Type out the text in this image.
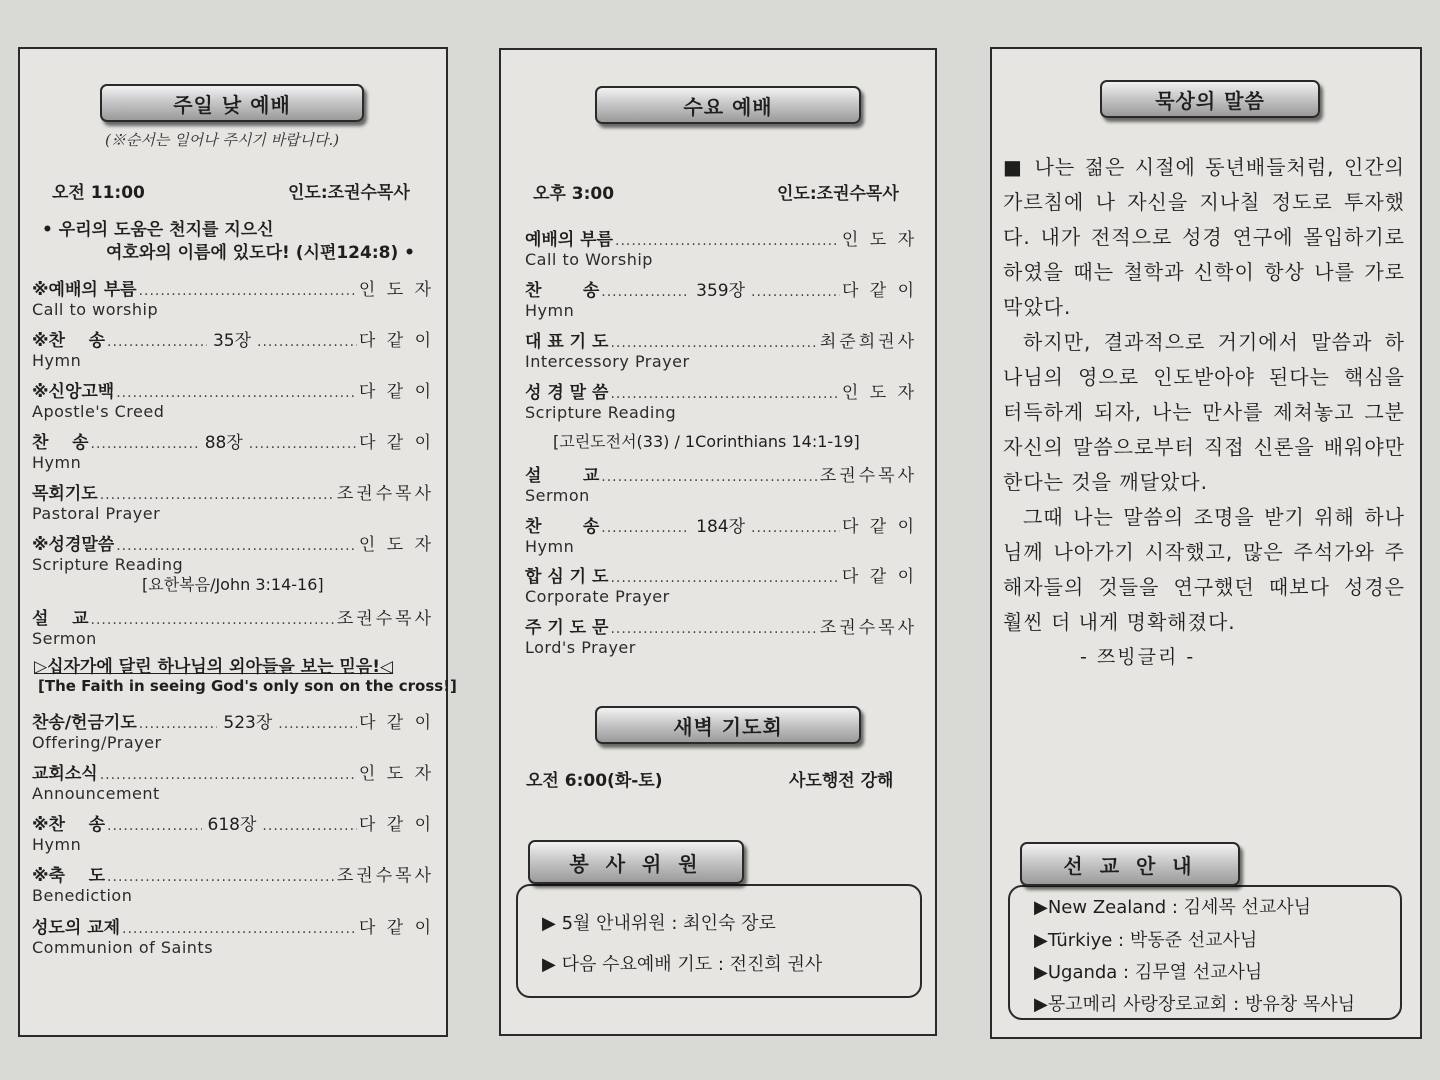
주일 낮 예배
(※순서는 일어나 주시기 바랍니다.)
오전 11:00	인도:조권수목사
• 우리의 도움은 천지를 지으신
여호와의 이름에 있도다! (시편124:8) •
※예배의 부름 .....	인 도 자
Call to worship
※찬    송 .....	35장 .....	다 같 이
Hymn
※신앙고백 .....	다 같 이
Apostle's Creed
찬    송 .....	88장 .....	다 같 이
Hymn
목회기도 .....	조권수목사
Pastoral Prayer
※성경말씀 .....	인 도 자
Scripture Reading
설    교 .....	조권수목사
Sermon
찬송/헌금기도 .....	523장 .....	다 같 이
Offering/Prayer
교회소식 .....	인 도 자
Announcement
※찬    송 .....	618장 .....	다 같 이
Hymn
※축    도 .....	조권수목사
Benediction
성도의 교제 .....	다 같 이
Communion of Saints
[요한복음/John 3:14-16]
▷십자가에 달린 하나님의 외아들을 보는 믿음!◁
[The Faith in seeing God's only son on the cross!]
수요 예배
오후 3:00	인도:조권수목사
예배의 부름 .....	인 도 자
Call to Worship
찬       송 .....	359장 .....	다 같 이
Hymn
대 표 기 도 .....	최준희권사
Intercessory Prayer
성 경 말 씀 .....	인 도 자
Scripture Reading
설       교 .....	조권수목사
Sermon
찬       송 .....	184장 .....	다 같 이
Hymn
합 심 기 도 .....	다 같 이
Corporate Prayer
주 기 도 문 .....	조권수목사
Lord's Prayer
[고린도전서(33) / 1Corinthians 14:1-19]
새벽 기도회
오전 6:00(화-토)	사도행전 강해
봉 사 위 원
▶ 5월 안내위원 : 최인숙 장로
▶ 다음 수요예배 기도 : 전진희 권사
묵상의 말씀

■ 나는 젊은 시절에 동년배들처럼, 인간의 가르침에 나 자신을 지나칠 정도로 투자했다. 내가 전적으로 성경 연구에 몰입하기로 하였을 때는 철학과 신학이 항상 나를 가로막았다.

하지만, 결과적으로 거기에서 말씀과 하나님의 영으로 인도받아야 된다는 핵심을 터득하게 되자, 나는 만사를 제쳐놓고 그분 자신의 말씀으로부터 직접 신론을 배워야만 한다는 것을 깨달았다.

그때 나는 말씀의 조명을 받기 위해 하나님께 나아가기 시작했고, 많은 주석가와 주해자들의 것들을 연구했던 때보다 성경은 훨씬 더 내게 명확해졌다.

- 쯔빙글리 -
선 교 안 내
▶New Zealand : 김세목 선교사님
▶Türkiye : 박동준 선교사님
▶Uganda : 김무열 선교사님
▶몽고메리 사랑장로교회 : 방유창 목사님
